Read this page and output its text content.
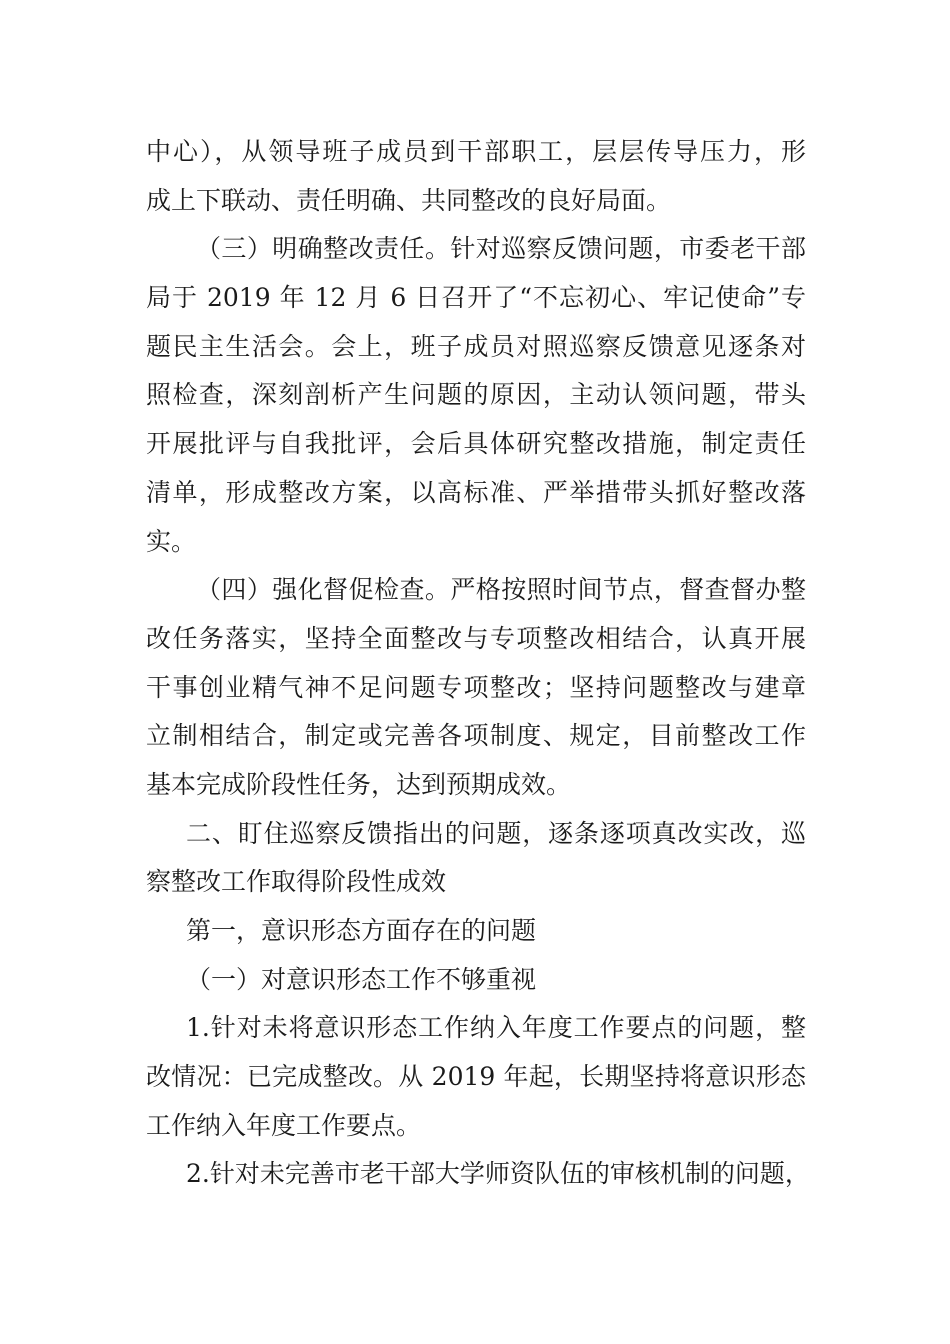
中心），从领导班子成员到干部职工，层层传导压力，形
成上下联动、责任明确、共同整改的良好局面。
（三）明确整改责任。针对巡察反馈问题，市委老干部
局于 2019 年 12 月 6 日召开了“不忘初心、牢记使命”专
题民主生活会。会上，班子成员对照巡察反馈意见逐条对
照检查，深刻剖析产生问题的原因，主动认领问题，带头
开展批评与自我批评，会后具体研究整改措施，制定责任
清单，形成整改方案，以高标准、严举措带头抓好整改落
实。
（四）强化督促检查。严格按照时间节点，督查督办整
改任务落实，坚持全面整改与专项整改相结合，认真开展
干事创业精气神不足问题专项整改；坚持问题整改与建章
立制相结合，制定或完善各项制度、规定，目前整改工作
基本完成阶段性任务，达到预期成效。
二、盯住巡察反馈指出的问题，逐条逐项真改实改，巡
察整改工作取得阶段性成效
第一，意识形态方面存在的问题
（一）对意识形态工作不够重视
1.针对未将意识形态工作纳入年度工作要点的问题，整
改情况：已完成整改。从 2019 年起，长期坚持将意识形态
工作纳入年度工作要点。
2.针对未完善市老干部大学师资队伍的审核机制的问题，
